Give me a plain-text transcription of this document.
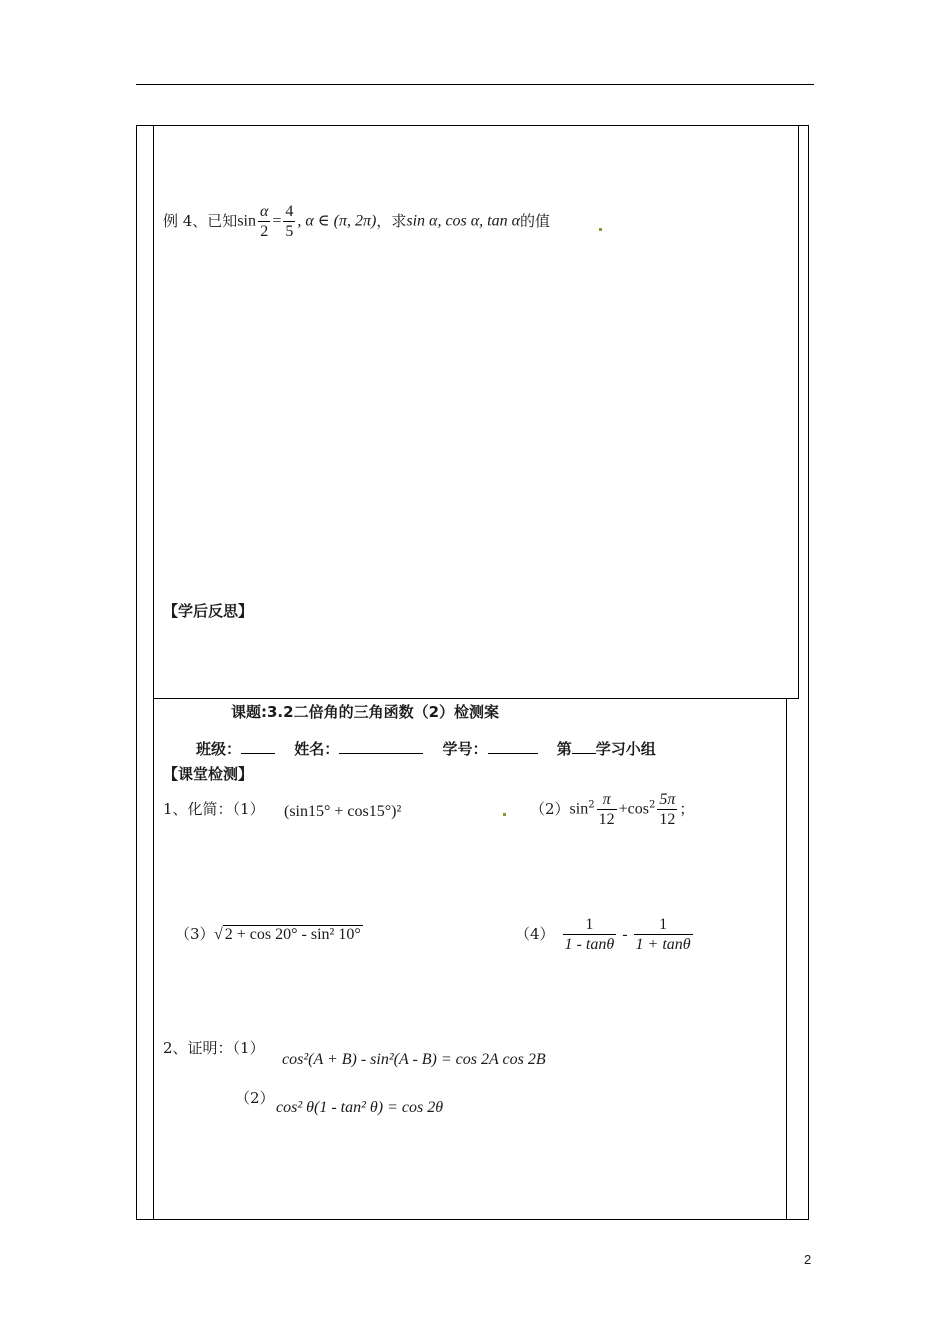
例 4、已知$\sin \frac{\alpha}{2} = \frac{4}{5}$ , α ∈ (π, 2π)，求sin α, cos α, tan α的值
【学后反思】
课题:3.2二倍角的三角函数（2）检测案
班级：	姓名：	学号：	第 学习小组
【课堂检测】
1、化简：（1） (sin15° + cos15°)²	$(2)\sin^2 \frac{\pi}{12} +\cos^2 \frac{5\pi}{12}$ ；
（3） √ 2 + cos 20° - sin² 10°	$(4) \frac{1}{1 - \tan\theta} - \frac{1}{1 + \tan\theta}$
2、证明：（1）
cos²(A + B) - sin²(A - B) = cos 2A cos 2B
（2）
cos² θ(1 - tan² θ) = cos 2θ
2
